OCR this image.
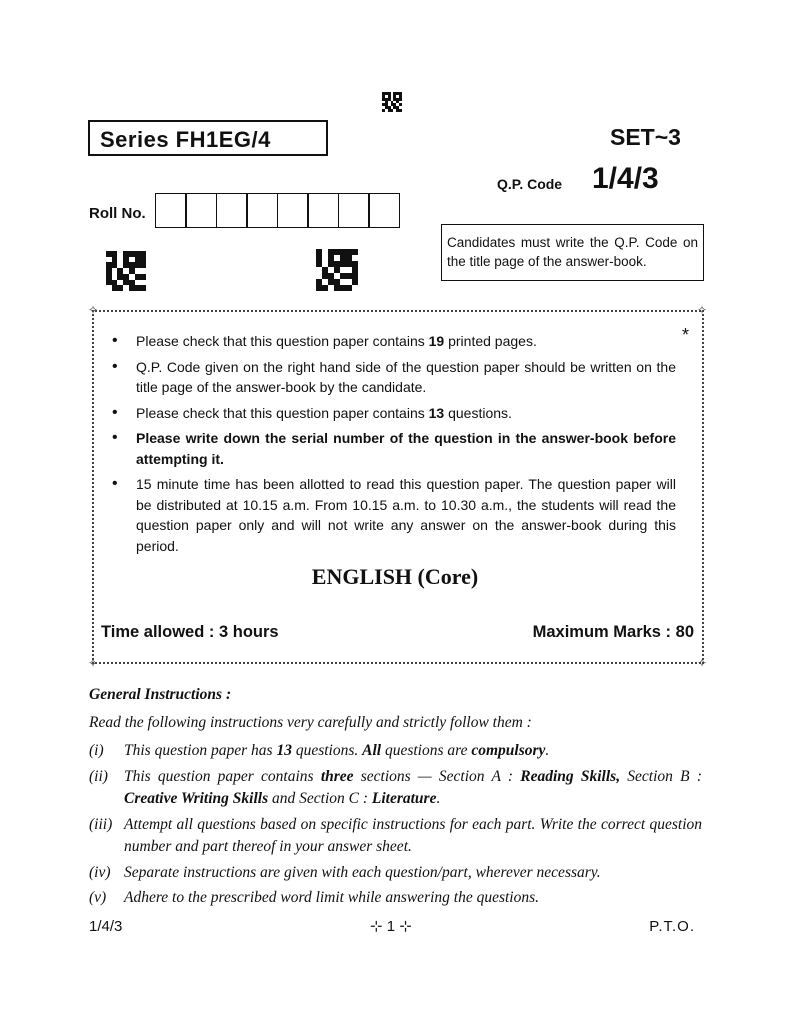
Series FH1EG/4	SET~3
Q.P. Code 1/4/3
Roll No.
Candidates must write the Q.P. Code on the title page of the answer-book.
✧	✧
✧	✧
*
• Please check that this question paper contains 19 printed pages.
• Q.P. Code given on the right hand side of the question paper should be written on the title page of the answer-book by the candidate.
• Please check that this question paper contains 13 questions.
• Please write down the serial number of the question in the answer-book before attempting it.
• 15 minute time has been allotted to read this question paper. The question paper will be distributed at 10.15 a.m. From 10.15 a.m. to 10.30 a.m., the students will read the question paper only and will not write any answer on the answer-book during this period.
ENGLISH (Core)
Time allowed : 3 hours	Maximum Marks : 80
General Instructions :
Read the following instructions very carefully and strictly follow them :
(i)	This question paper has 13 questions. All questions are compulsory.
(ii)	This question paper contains three sections — Section A : Reading Skills, Section B : Creative Writing Skills and Section C : Literature.
(iii) Attempt all questions based on specific instructions for each part. Write the correct question number and part thereof in your answer sheet.
(iv) Separate instructions are given with each question/part, wherever necessary.
(v)	Adhere to the prescribed word limit while answering the questions.
1/4/3	⊹ 1 ⊹	P.T.O.
